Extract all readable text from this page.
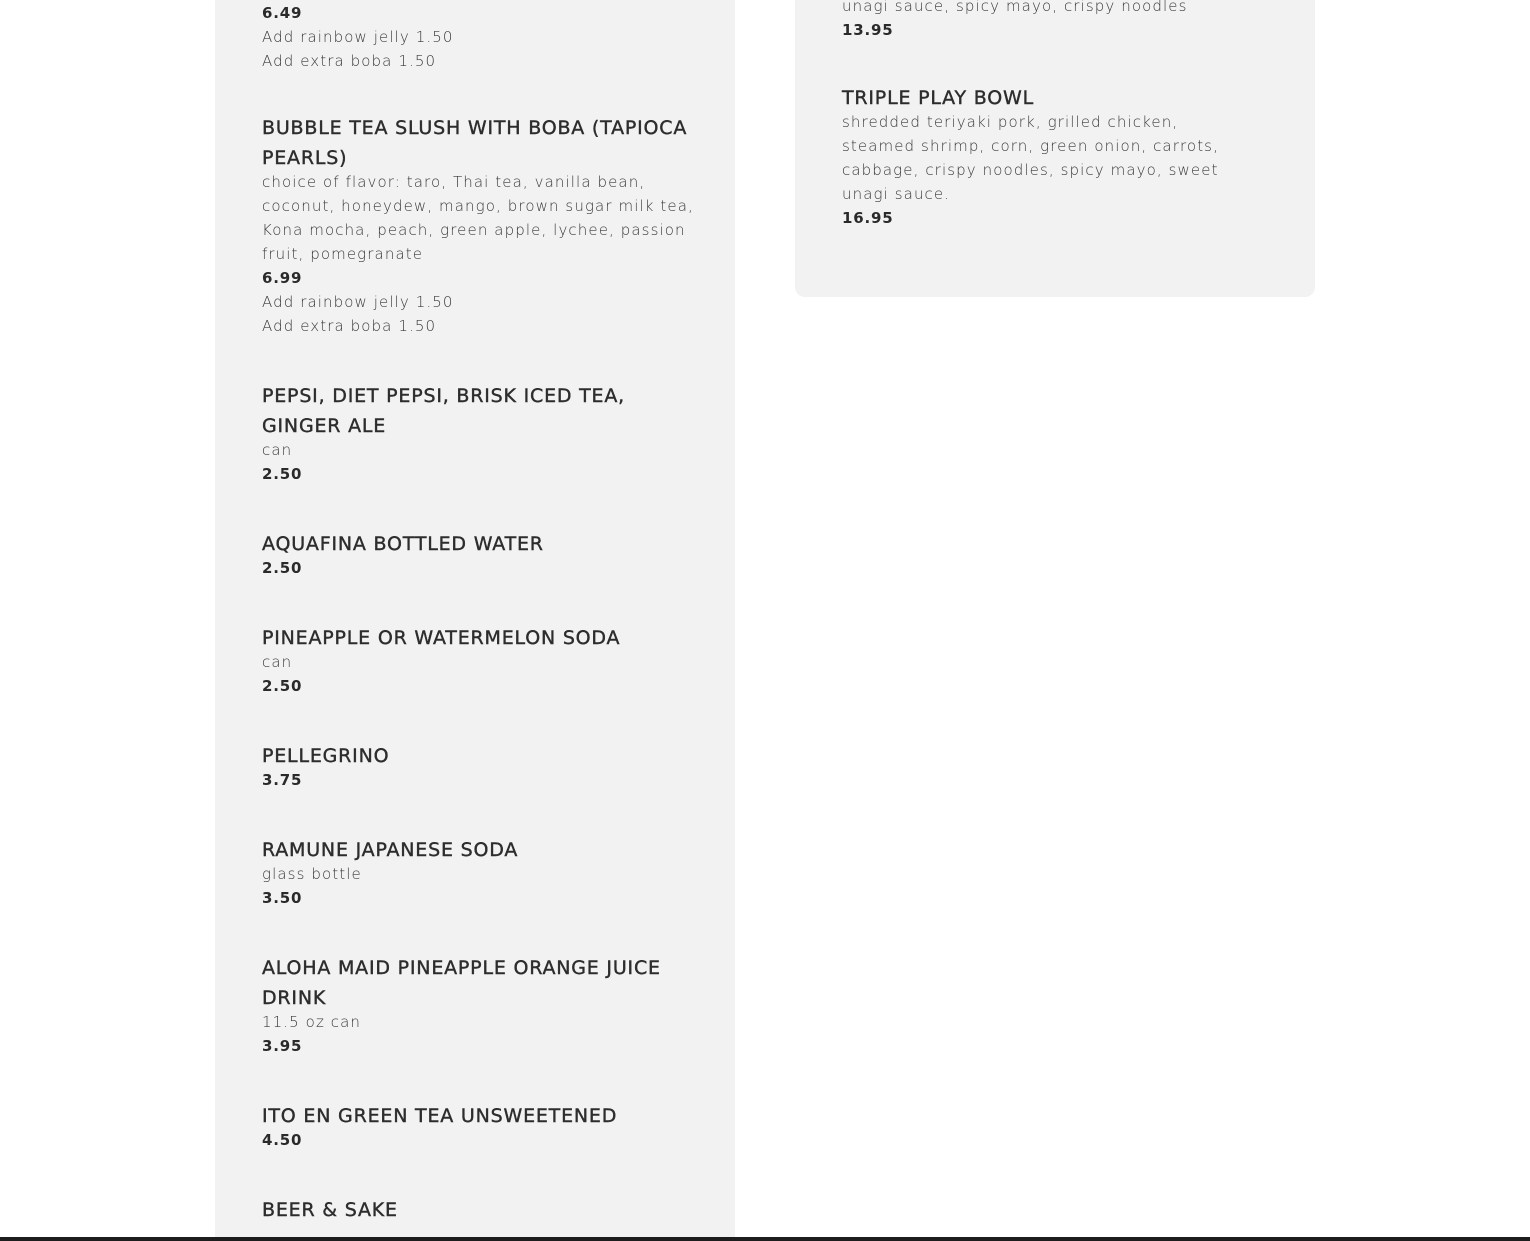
6.49

Add rainbow jelly 1.50

Add extra boba 1.50

BUBBLE TEA SLUSH WITH BOBA (TAPIOCA PEARLS)

choice of flavor: taro, Thai tea, vanilla bean, coconut, honeydew, mango, brown sugar milk tea, Kona mocha, peach, green apple, lychee, passion fruit, pomegranate

6.99

Add rainbow jelly 1.50

Add extra boba 1.50

PEPSI, DIET PEPSI, BRISK ICED TEA, GINGER ALE

can

2.50

AQUAFINA BOTTLED WATER

2.50

PINEAPPLE OR WATERMELON SODA

can

2.50

PELLEGRINO

3.75

RAMUNE JAPANESE SODA

glass bottle

3.50

ALOHA MAID PINEAPPLE ORANGE JUICE DRINK

11.5 oz can

3.95

ITO EN GREEN TEA UNSWEETENED

4.50

BEER & SAKE

unagi sauce, spicy mayo, crispy noodles

13.95

TRIPLE PLAY BOWL

shredded teriyaki pork, grilled chicken, steamed shrimp, corn, green onion, carrots, cabbage, crispy noodles, spicy mayo, sweet unagi sauce.

16.95
